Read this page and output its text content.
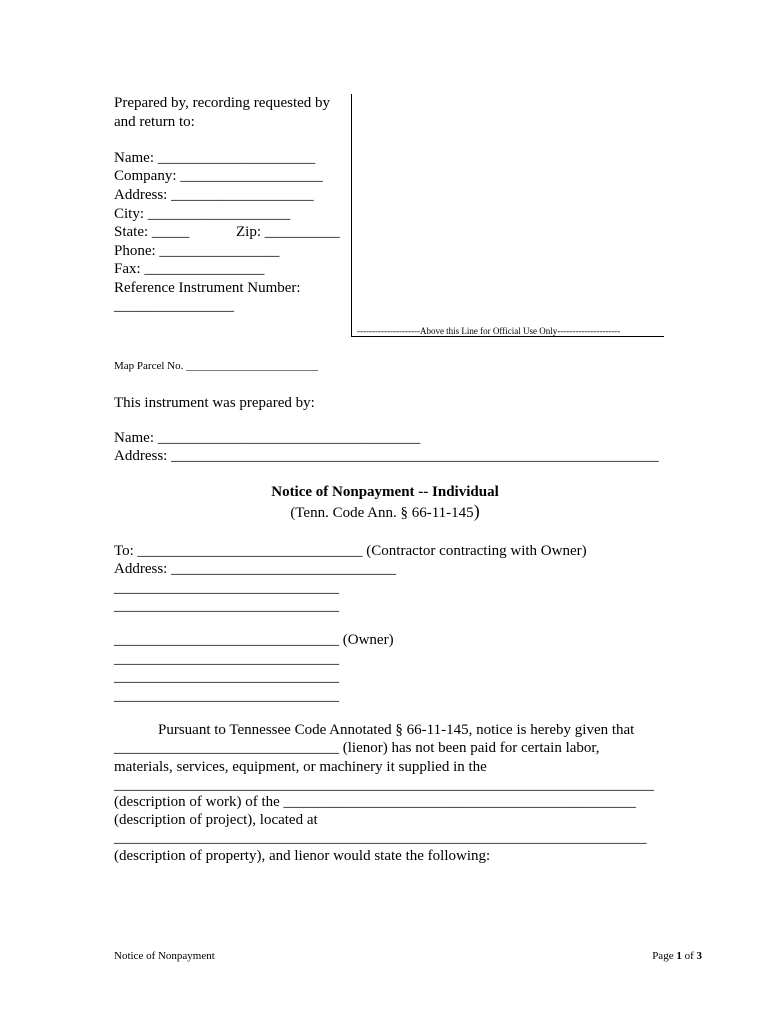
Prepared by, recording requested by
and return to:
Name: _____________________
Company: ___________________
Address: ___________________
City: ___________________
State: _____	Zip: __________
Phone: ________________
Fax: ________________
Reference Instrument Number:
________________
---------------------Above this Line for Official Use Only---------------------
Map Parcel No. ________________________
This instrument was prepared by:
Name: ___________________________________
Address: _________________________________________________________________
Notice of Nonpayment -- Individual
(Tenn. Code Ann. § 66-11-145)
To: ______________________________ (Contractor contracting with Owner)
Address: ______________________________
______________________________
______________________________
______________________________ (Owner)
______________________________
______________________________
______________________________
Pursuant to Tennessee Code Annotated § 66-11-145, notice is hereby given that
______________________________ (lienor) has not been paid for certain labor,
materials, services, equipment, or machinery it supplied in the
________________________________________________________________________
(description of work) of the _______________________________________________
(description of project), located at
_______________________________________________________________________
(description of property), and lienor would state the following:
Notice of Nonpayment	Page 1 of 3
